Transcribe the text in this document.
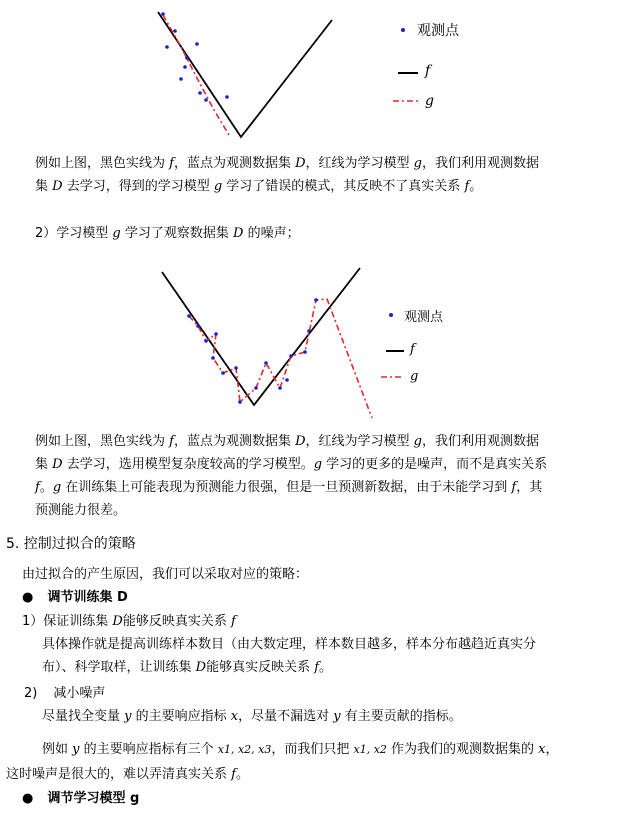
观测点
f
g
例如上图，黑色实线为 f，蓝点为观测数据集 D，红线为学习模型 g，我们利用观测数据
集 D 去学习，得到的学习模型 g 学习了错误的模式，其反映不了真实关系 f。
2）学习模型 g 学习了观察数据集 D 的噪声；
观测点
f
g
例如上图，黑色实线为 f，蓝点为观测数据集 D，红线为学习模型 g，我们利用观测数据
集 D 去学习，选用模型复杂度较高的学习模型。g 学习的更多的是噪声，而不是真实关系
f。g 在训练集上可能表现为预测能力很强，但是一旦预测新数据，由于未能学习到 f，其
预测能力很差。
5. 控制过拟合的策略
由过拟合的产生原因，我们可以采取对应的策略：
● 调节训练集 D
1）保证训练集 D能够反映真实关系 f
具体操作就是提高训练样本数目（由大数定理，样本数目越多，样本分布越趋近真实分
布）、科学取样，让训练集 D能够真实反映关系 f。
2) 减小噪声
尽量找全变量 y 的主要响应指标 x，尽量不漏选对 y 有主要贡献的指标。
例如 y 的主要响应指标有三个 x1, x2, x3，而我们只把 x1, x2 作为我们的观测数据集的 x，
这时噪声是很大的，难以弄清真实关系 f。
● 调节学习模型 g
